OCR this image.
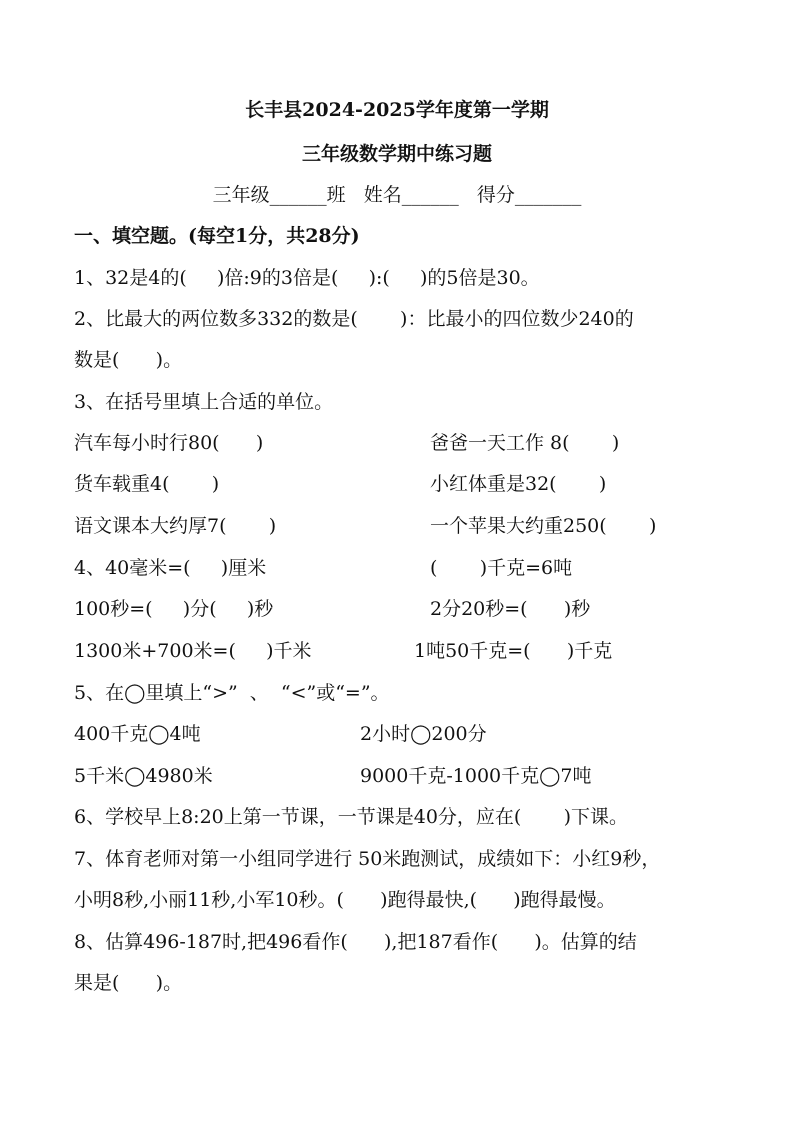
长丰县2024-2025学年度第一学期
三年级数学期中练习题
三年级______班   姓名______   得分_______
一、填空题。(每空1分，共28分)
1、32是4的(     )倍:9的3倍是(     ):(     )的5倍是30。
2、比最大的两位数多332的数是(       )：比最小的四位数少240的
数是(      )。
3、在括号里填上合适的单位。
汽车每小时行80(      )	爸爸一天工作 8(       )
货车载重4(       )	小红体重是32(       )
语文课本大约厚7(       )	一个苹果大约重250(       )
4、40毫米=(     )厘米	(       )千克=6吨
100秒=(     )分(     )秒	2分20秒=(      )秒
1300米+700米=(     )千米	1吨50千克=(      )千克
5、在◯里填上“>”  、  “<”或“=”。
400千克◯4吨	2小时◯200分
5千米◯4980米	9000千克-1000千克◯7吨
6、学校早上8:20上第一节课，一节课是40分，应在(       )下课。
7、体育老师对第一小组同学进行 50米跑测试，成绩如下：小红9秒，
小明8秒,小丽11秒,小军10秒。(      )跑得最快,(      )跑得最慢。
8、估算496-187时,把496看作(      ),把187看作(      )。估算的结
果是(      )。
